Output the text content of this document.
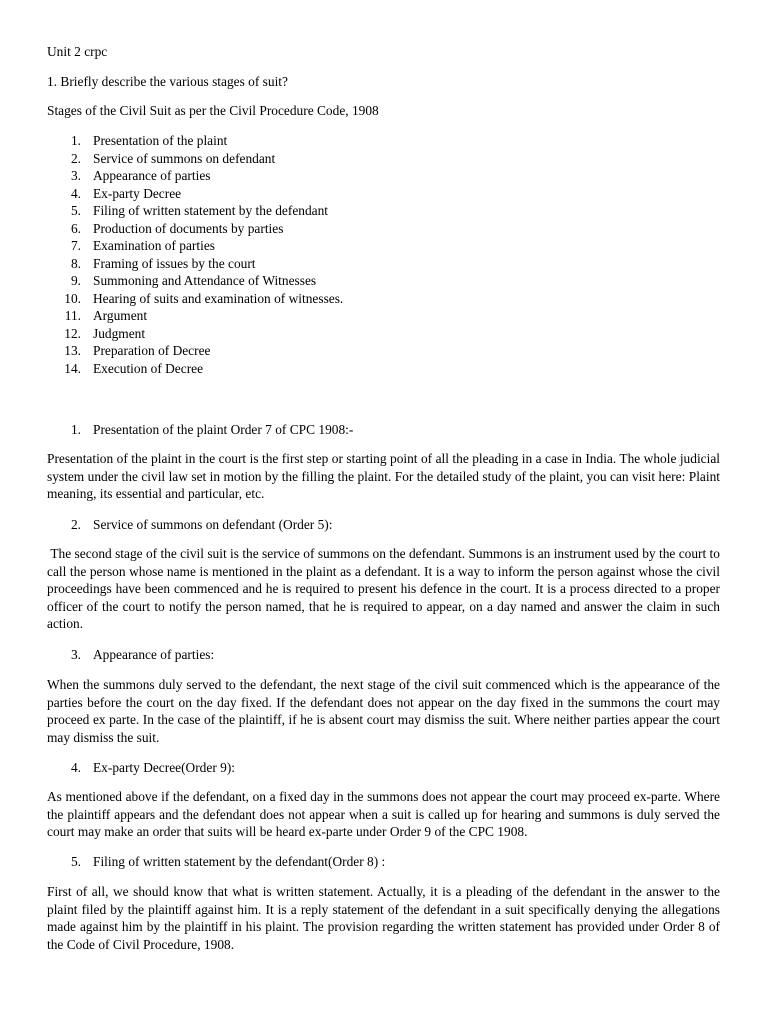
Unit 2 crpc
1. Briefly describe the various stages of suit?
Stages of the Civil Suit as per the Civil Procedure Code, 1908
1. Presentation of the plaint
2. Service of summons on defendant
3. Appearance of parties
4. Ex-party Decree
5. Filing of written statement by the defendant
6. Production of documents by parties
7. Examination of parties
8. Framing of issues by the court
9. Summoning and Attendance of Witnesses
10. Hearing of suits and examination of witnesses.
11. Argument
12. Judgment
13. Preparation of Decree
14. Execution of Decree
1. Presentation of the plaint Order 7 of CPC 1908:-

Presentation of the plaint in the court is the first step or starting point of all the pleading in a case in India. The whole judicial system under the civil law set in motion by the filling the plaint. For the detailed study of the plaint, you can visit here: Plaint meaning, its essential and particular, etc.

2. Service of summons on defendant (Order 5):

The second stage of the civil suit is the service of summons on the defendant. Summons is an instrument used by the court to call the person whose name is mentioned in the plaint as a defendant. It is a way to inform the person against whose the civil proceedings have been commenced and he is required to present his defence in the court. It is a process directed to a proper officer of the court to notify the person named, that he is required to appear, on a day named and answer the claim in such action.

3. Appearance of parties:

When the summons duly served to the defendant, the next stage of the civil suit commenced which is the appearance of the parties before the court on the day fixed. If the defendant does not appear on the day fixed in the summons the court may proceed ex parte. In the case of the plaintiff, if he is absent court may dismiss the suit. Where neither parties appear the court may dismiss the suit.

4. Ex-party Decree(Order 9):

As mentioned above if the defendant, on a fixed day in the summons does not appear the court may proceed ex-parte. Where the plaintiff appears and the defendant does not appear when a suit is called up for hearing and summons is duly served the court may make an order that suits will be heard ex-parte under Order 9 of the CPC 1908.

5. Filing of written statement by the defendant(Order 8) :

First of all, we should know that what is written statement. Actually, it is a pleading of the defendant in the answer to the plaint filed by the plaintiff against him. It is a reply statement of the defendant in a suit specifically denying the allegations made against him by the plaintiff in his plaint. The provision regarding the written statement has provided under Order 8 of the Code of Civil Procedure, 1908.
